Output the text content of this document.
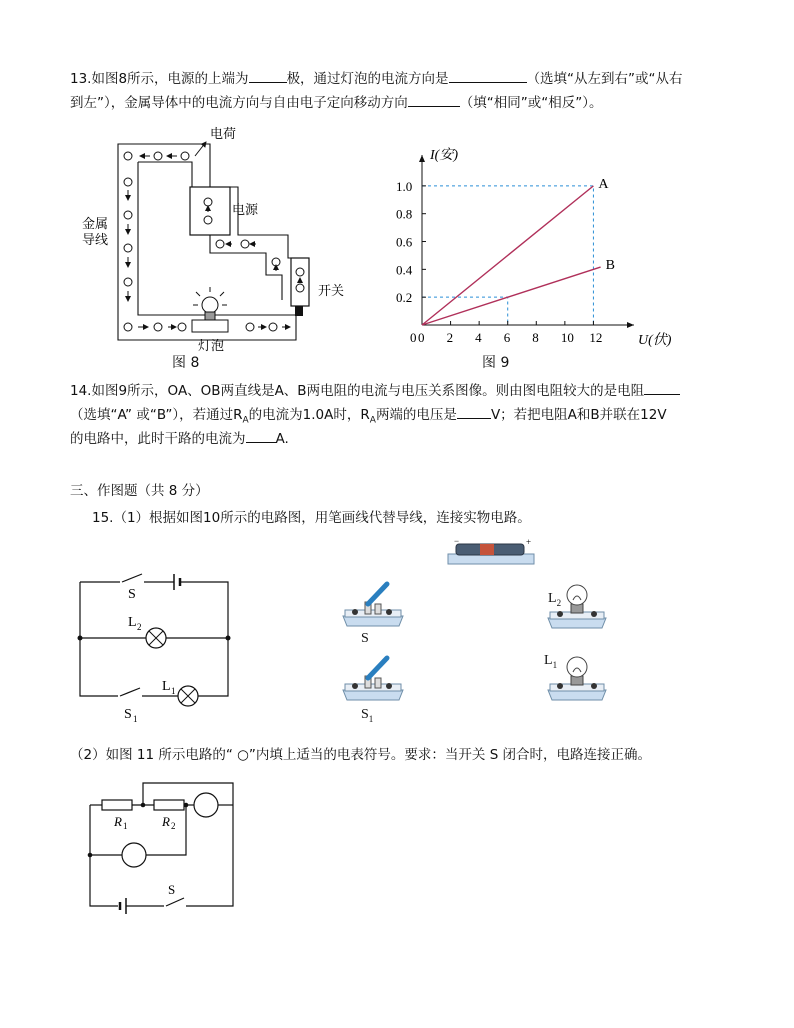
13.如图8所示，电源的上端为	极，通过灯泡的电流方向是	（选填“从左到右”或“从右
到左”），金属导体中的电流方向与自由电子定向移动方向	（填“相同”或“相反”）。
电荷
电源
金属
导线
开关
灯泡
图 8
0 2 4 6 8 10 12
0.2
0.4
0.6
0.8
1.0	A
B
U(伏)
I(安)
0
图 9
14.如图9所示，OA、OB两直线是A、B两电阻的电流与电压关系图像。则由图电阻较大的是电阻
（选填“A” 或“B”），若通过$R_A$的电流为1.0A时，$R_A$两端的电压是	V；若把电阻A和B并联在12V
的电路中，此时干路的电流为 A.
三、作图题（共 8 分）
15.（1）根据如图10所示的电路图，用笔画线代替导线，连接实物电路。
S
L 2
L 1
S 1
−	+
S
$S_1$
$L_2$
$L_1$
（2）如图 11 所示电路的“ ○”内填上适当的电表符号。要求：当开关 S 闭合时，电路连接正确。
R 1	R 2
S
